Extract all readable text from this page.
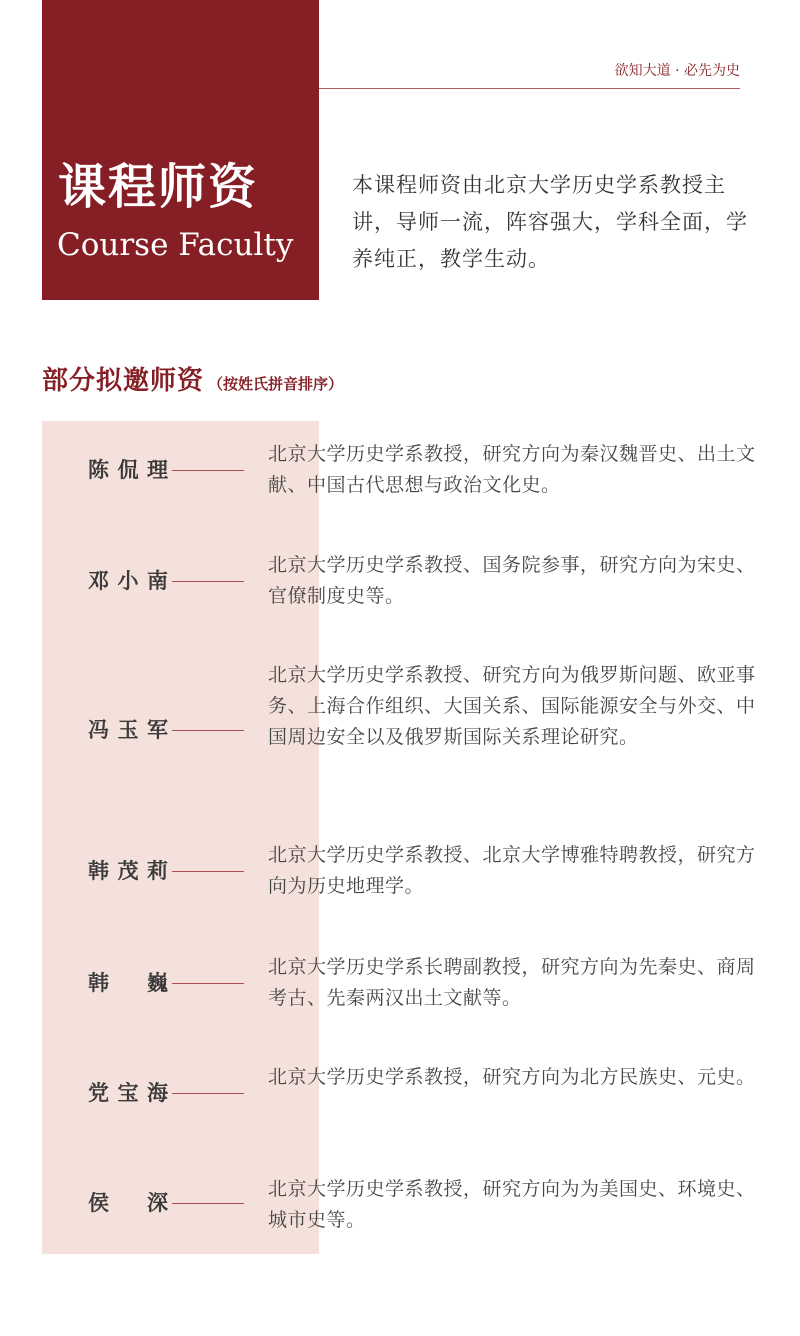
课程师资
Course Faculty
欲知大道 · 必先为史

本课程师资由北京大学历史学系教授主讲，导师一流，阵容强大，学科全面，学养纯正，教学生动。

部分拟邀师资 （按姓氏拼音排序）
陈侃理

北京大学历史学系教授，研究方向为秦汉魏晋史、出土文献、中国古代思想与政治文化史。

邓小南

北京大学历史学系教授、国务院参事，研究方向为宋史、官僚制度史等。

冯玉军

北京大学历史学系教授、研究方向为俄罗斯问题、欧亚事务、上海合作组织、大国关系、国际能源安全与外交、中国周边安全以及俄罗斯国际关系理论研究。

韩茂莉

北京大学历史学系教授、北京大学博雅特聘教授，研究方向为历史地理学。

韩巍

北京大学历史学系长聘副教授，研究方向为先秦史、商周考古、先秦两汉出土文献等。

党宝海

北京大学历史学系教授，研究方向为北方民族史、元史。

侯深

北京大学历史学系教授，研究方向为为美国史、环境史、城市史等。
